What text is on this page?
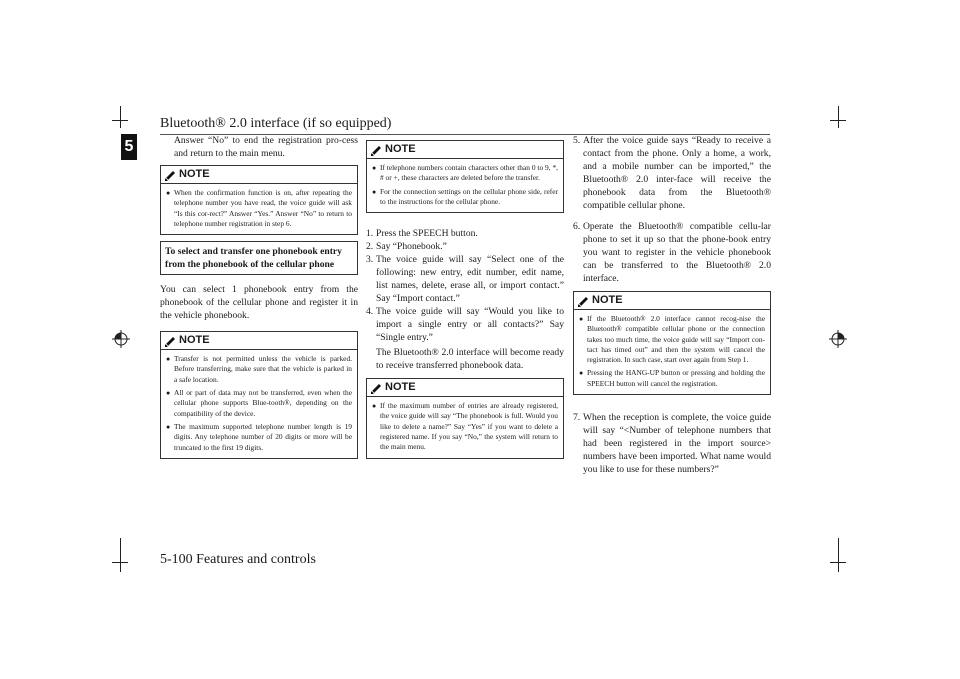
Bluetooth® 2.0 interface (if so equipped)
5
5-100 Features and controls

Answer “No” to end the registration pro-cess and return to the main menu.

NOTE
● When the confirmation function is on, after repeating the telephone number you have read, the voice guide will ask “Is this cor-rect?” Answer “Yes.” Answer “No” to return to telephone number registration in step 6.
To select and transfer one phonebook entry from the phonebook of the cellular phone

You can select 1 phonebook entry from the phonebook of the cellular phone and register it in the vehicle phonebook.

NOTE
● Transfer is not permitted unless the vehicle is parked. Before transferring, make sure that the vehicle is parked in a safe location.
● All or part of data may not be transferred, even when the cellular phone supports Blue-tooth®, depending on the compatibility of the device.
● The maximum supported telephone number length is 19 digits. Any telephone number of 20 digits or more will be truncated to the first 19 digits.
NOTE
● If telephone numbers contain characters other than 0 to 9, *, # or +, these characters are deleted before the transfer.
● For the connection settings on the cellular phone side, refer to the instructions for the cellular phone.
1. Press the SPEECH button.
2. Say “Phonebook.”
3. The voice guide will say “Select one of the following: new entry, edit number, edit name, list names, delete, erase all, or import contact.” Say “Import contact.”
4. The voice guide will say “Would you like to import a single entry or all contacts?” Say “Single entry.”

The Bluetooth® 2.0 interface will become ready to receive transferred phonebook data.

NOTE
● If the maximum number of entries are already registered, the voice guide will say “The phonebook is full. Would you like to delete a name?” Say “Yes” if you want to delete a registered name. If you say “No,” the system will return to the main menu.
5. After the voice guide says “Ready to receive a contact from the phone. Only a home, a work, and a mobile number can be imported,” the Bluetooth® 2.0 inter-face will receive the phonebook data from the Bluetooth® compatible cellular phone.
6. Operate the Bluetooth® compatible cellu-lar phone to set it up so that the phone-book entry you want to register in the vehicle phonebook can be transferred to the Bluetooth® 2.0 interface.
NOTE
● If the Bluetooth® 2.0 interface cannot recog-nise the Bluetooth® compatible cellular phone or the connection takes too much time, the voice guide will say “Import con-tact has timed out” and then the system will cancel the registration. In such case, start over again from Step 1.
● Pressing the HANG-UP button or pressing and holding the SPEECH button will cancel the registration.
7. When the reception is complete, the voice guide will say “<Number of telephone numbers that had been registered in the import source> numbers have been imported. What name would you like to use for these numbers?”
